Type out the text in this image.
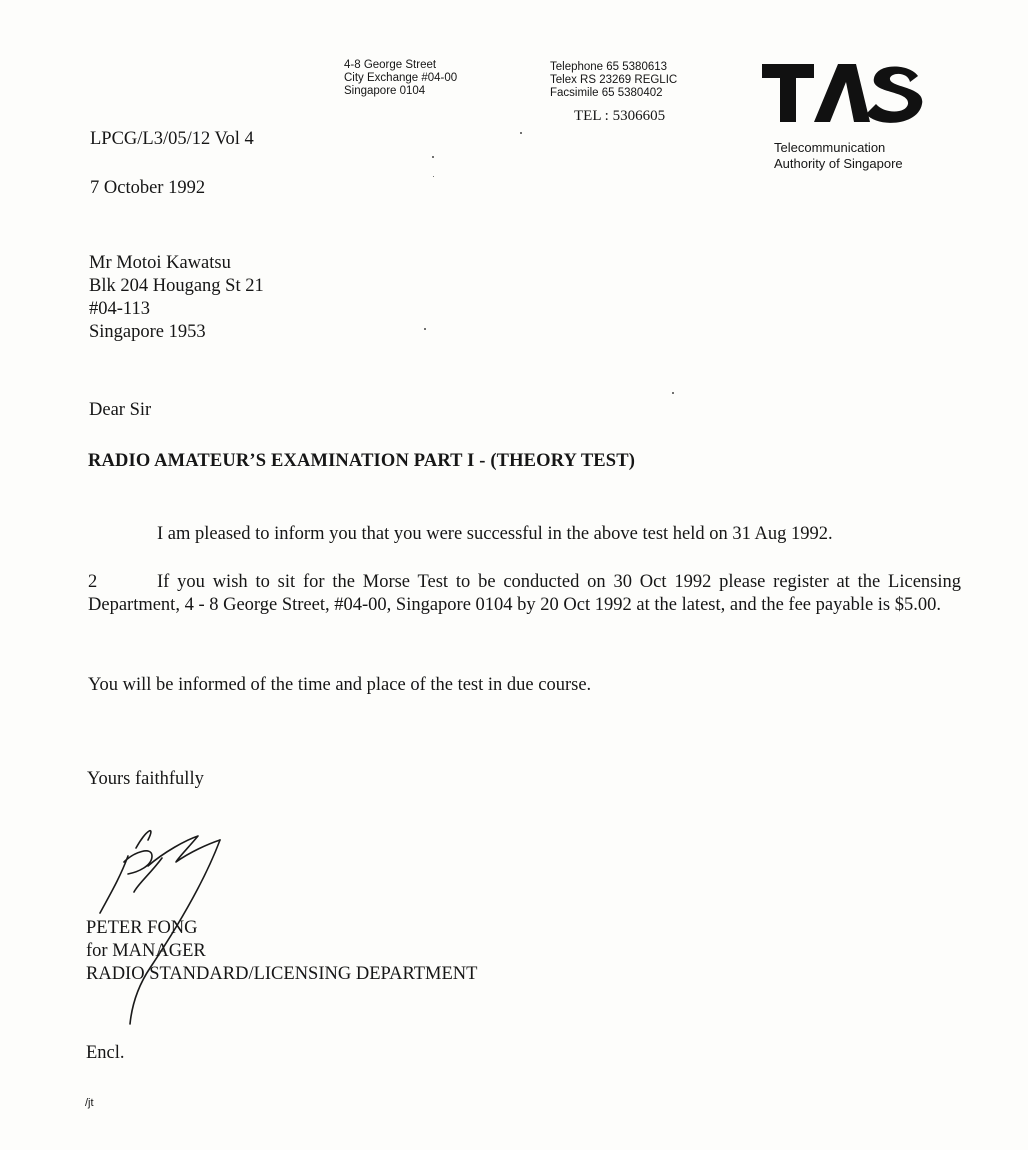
4-8 George Street
City Exchange #04-00
Singapore 0104
Telephone 65 5380613
Telex RS 23269 REGLIC
Facsimile 65 5380402
TEL : 5306605
Telecommunication
Authority of Singapore
LPCG/L3/05/12 Vol 4
7 October 1992
Mr Motoi Kawatsu
Blk 204 Hougang St 21
#04-113
Singapore 1953
Dear Sir
RADIO AMATEUR’S EXAMINATION PART I - (THEORY TEST)
I am pleased to inform you that you were successful in the above test held on 31 Aug 1992.
2	If you wish to sit for the Morse Test to be conducted on 30 Oct 1992 please register at the Licensing Department, 4 - 8 George Street, #04-00, Singapore 0104 by 20 Oct 1992 at the latest, and the fee payable is $5.00.
You will be informed of the time and place of the test in due course.
Yours faithfully
PETER FONG
for MANAGER
RADIO STANDARD/LICENSING DEPARTMENT
Encl.
/jt
